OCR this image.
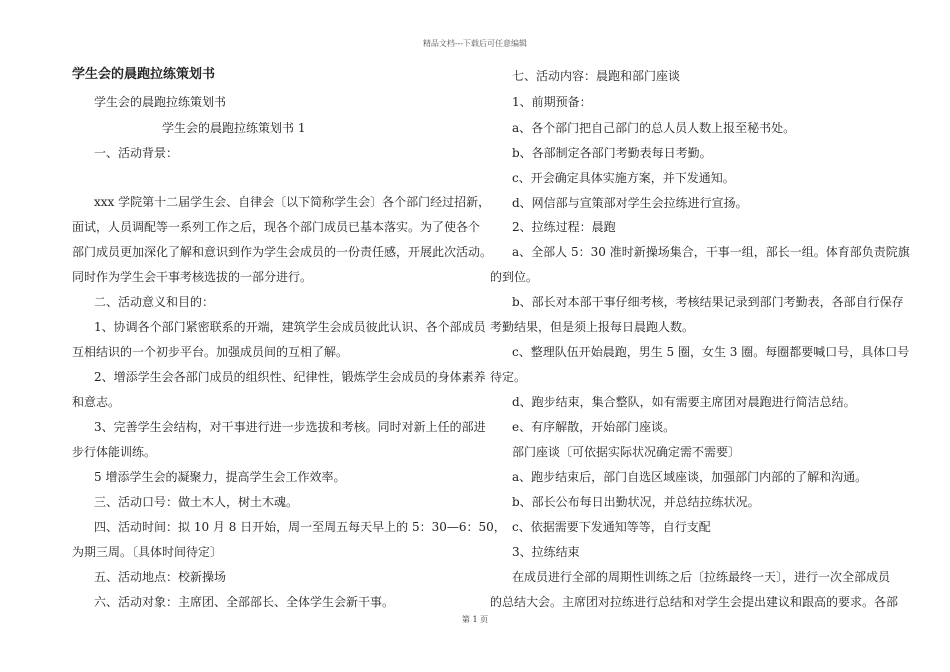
精品文档---下载后可任意编辑
学生会的晨跑拉练策划书
学生会的晨跑拉练策划书
学生会的晨跑拉练策划书 1
一、活动背景：
xxx 学院第十二届学生会、自律会〔以下简称学生会〕各个部门经过招新，
面试，人员调配等一系列工作之后，现各个部门成员已基本落实。为了使各个
部门成员更加深化了解和意识到作为学生会成员的一份责任感，开展此次活动。
同时作为学生会干事考核选拔的一部分进行。
二、活动意义和目的：
1、协调各个部门紧密联系的开端，建筑学生会成员彼此认识、各个部成员
互相结识的一个初步平台。加强成员间的互相了解。
2、增添学生会各部门成员的组织性、纪律性，锻炼学生会成员的身体素养
和意志。
3、完善学生会结构，对干事进行进一步选拔和考核。同时对新上任的部进
步行体能训练。
5 增添学生会的凝聚力，提高学生会工作效率。
三、活动口号：做土木人，树土木魂。
四、活动时间：拟 10 月 8 日开始，周一至周五每天早上的 5：30—6：50，
为期三周。〔具体时间待定〕
五、活动地点：校新操场
六、活动对象：主席团、全部部长、全体学生会新干事。
七、活动内容：晨跑和部门座谈
1、前期预备：
a、各个部门把自己部门的总人员人数上报至秘书处。
b、各部制定各部门考勤表每日考勤。
c、开会确定具体实施方案，并下发通知。
d、网信部与宣策部对学生会拉练进行宣扬。
2、拉练过程：晨跑
a、全部人 5：30 准时新操场集合，干事一组，部长一组。体育部负责院旗
的到位。
b、部长对本部干事仔细考核，考核结果记录到部门考勤表，各部自行保存
考勤结果，但是须上报每日晨跑人数。
c、整理队伍开始晨跑，男生 5 圈，女生 3 圈。每圈都要喊口号，具体口号
待定。
d、跑步结束，集合整队，如有需要主席团对晨跑进行简洁总结。
e、有序解散，开始部门座谈。
部门座谈〔可依据实际状况确定需不需要〕
a、跑步结束后，部门自选区域座谈，加强部门内部的了解和沟通。
b、部长公布每日出勤状况，并总结拉练状况。
c、依据需要下发通知等等，自行支配
3、拉练结束
在成员进行全部的周期性训练之后〔拉练最终一天〕，进行一次全部成员
的总结大会。主席团对拉练进行总结和对学生会提出建议和跟高的要求。各部
第 1 页
